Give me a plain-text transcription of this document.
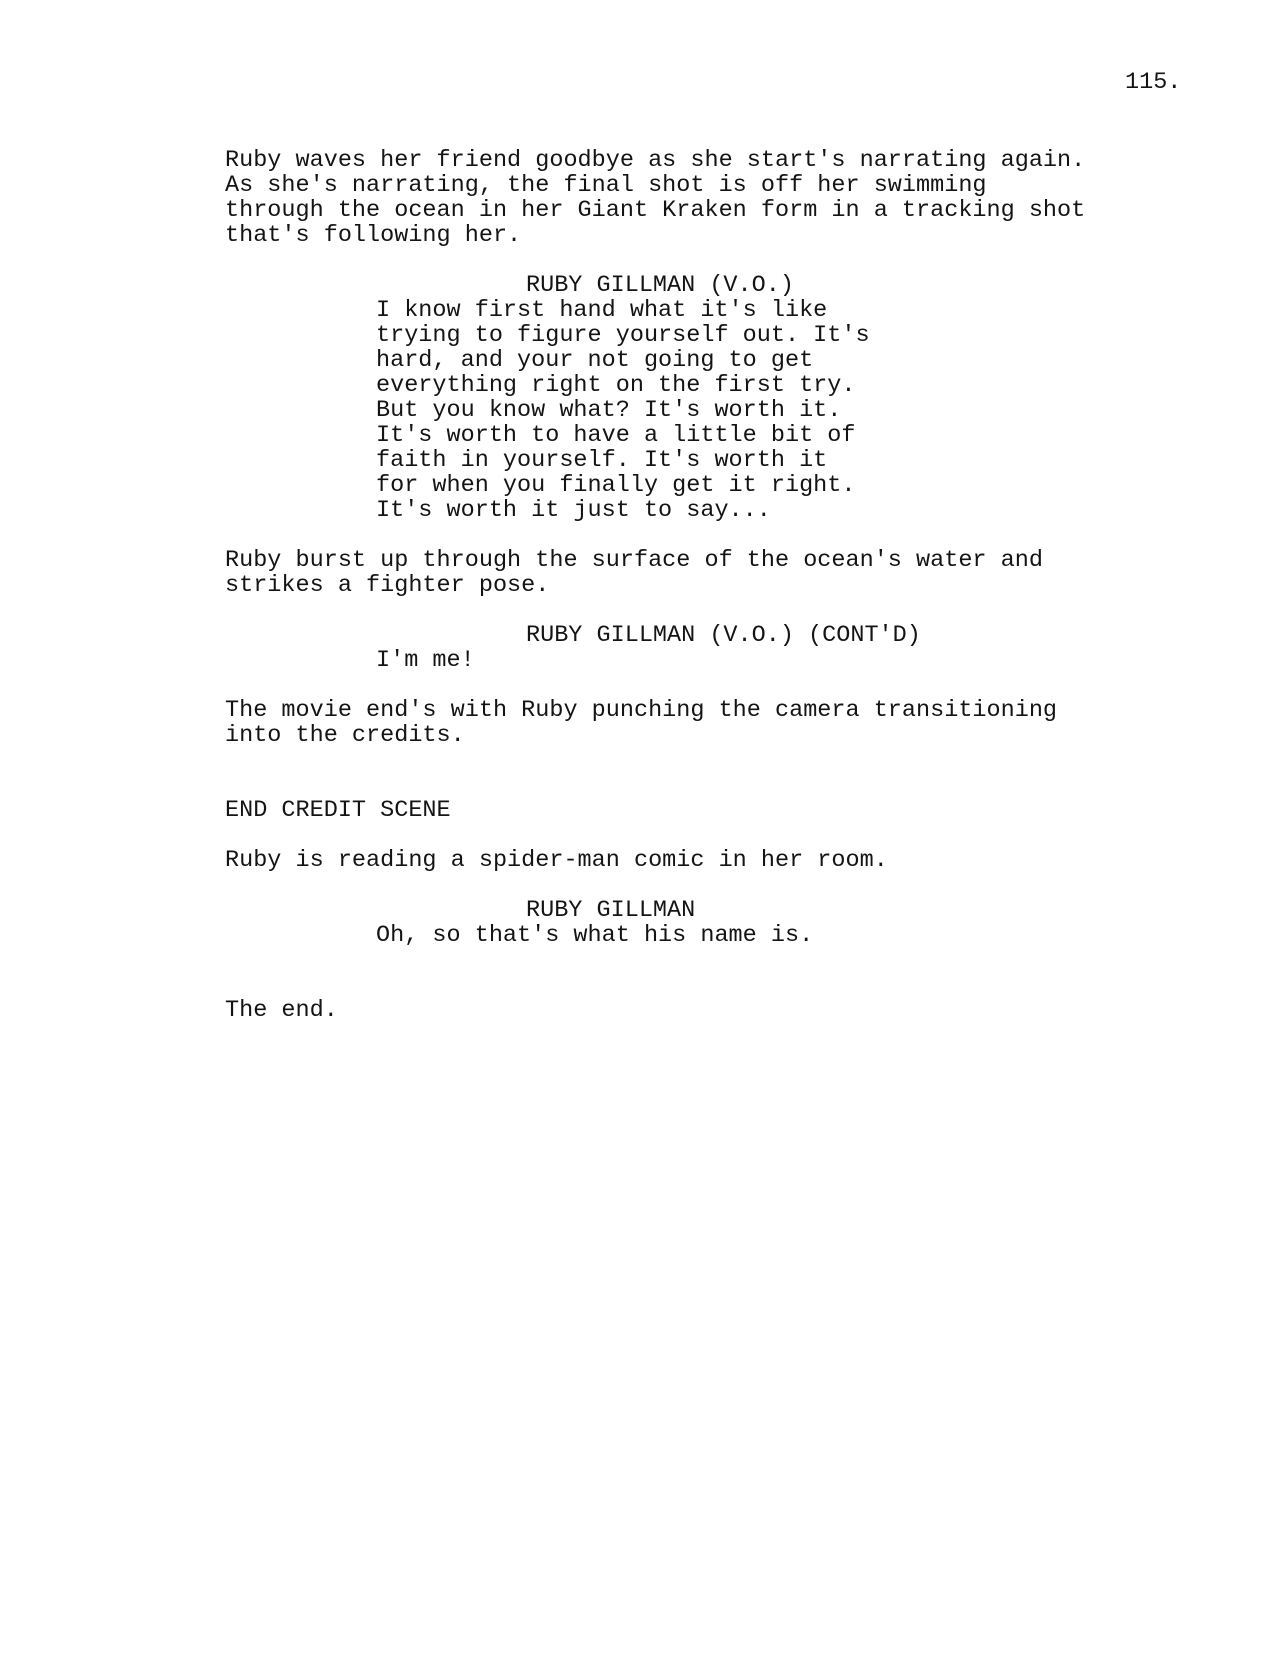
115.
Ruby waves her friend goodbye as she start's narrating again.
As she's narrating, the final shot is off her swimming
through the ocean in her Giant Kraken form in a tracking shot
that's following her.
RUBY GILLMAN (V.O.)
I know first hand what it's like
trying to figure yourself out. It's
hard, and your not going to get
everything right on the first try.
But you know what? It's worth it.
It's worth to have a little bit of
faith in yourself. It's worth it
for when you finally get it right.
It's worth it just to say...
Ruby burst up through the surface of the ocean's water and
strikes a fighter pose.
RUBY GILLMAN (V.O.) (CONT'D)
I'm me!
The movie end's with Ruby punching the camera transitioning
into the credits.
END CREDIT SCENE
Ruby is reading a spider-man comic in her room.
RUBY GILLMAN
Oh, so that's what his name is.
The end.
